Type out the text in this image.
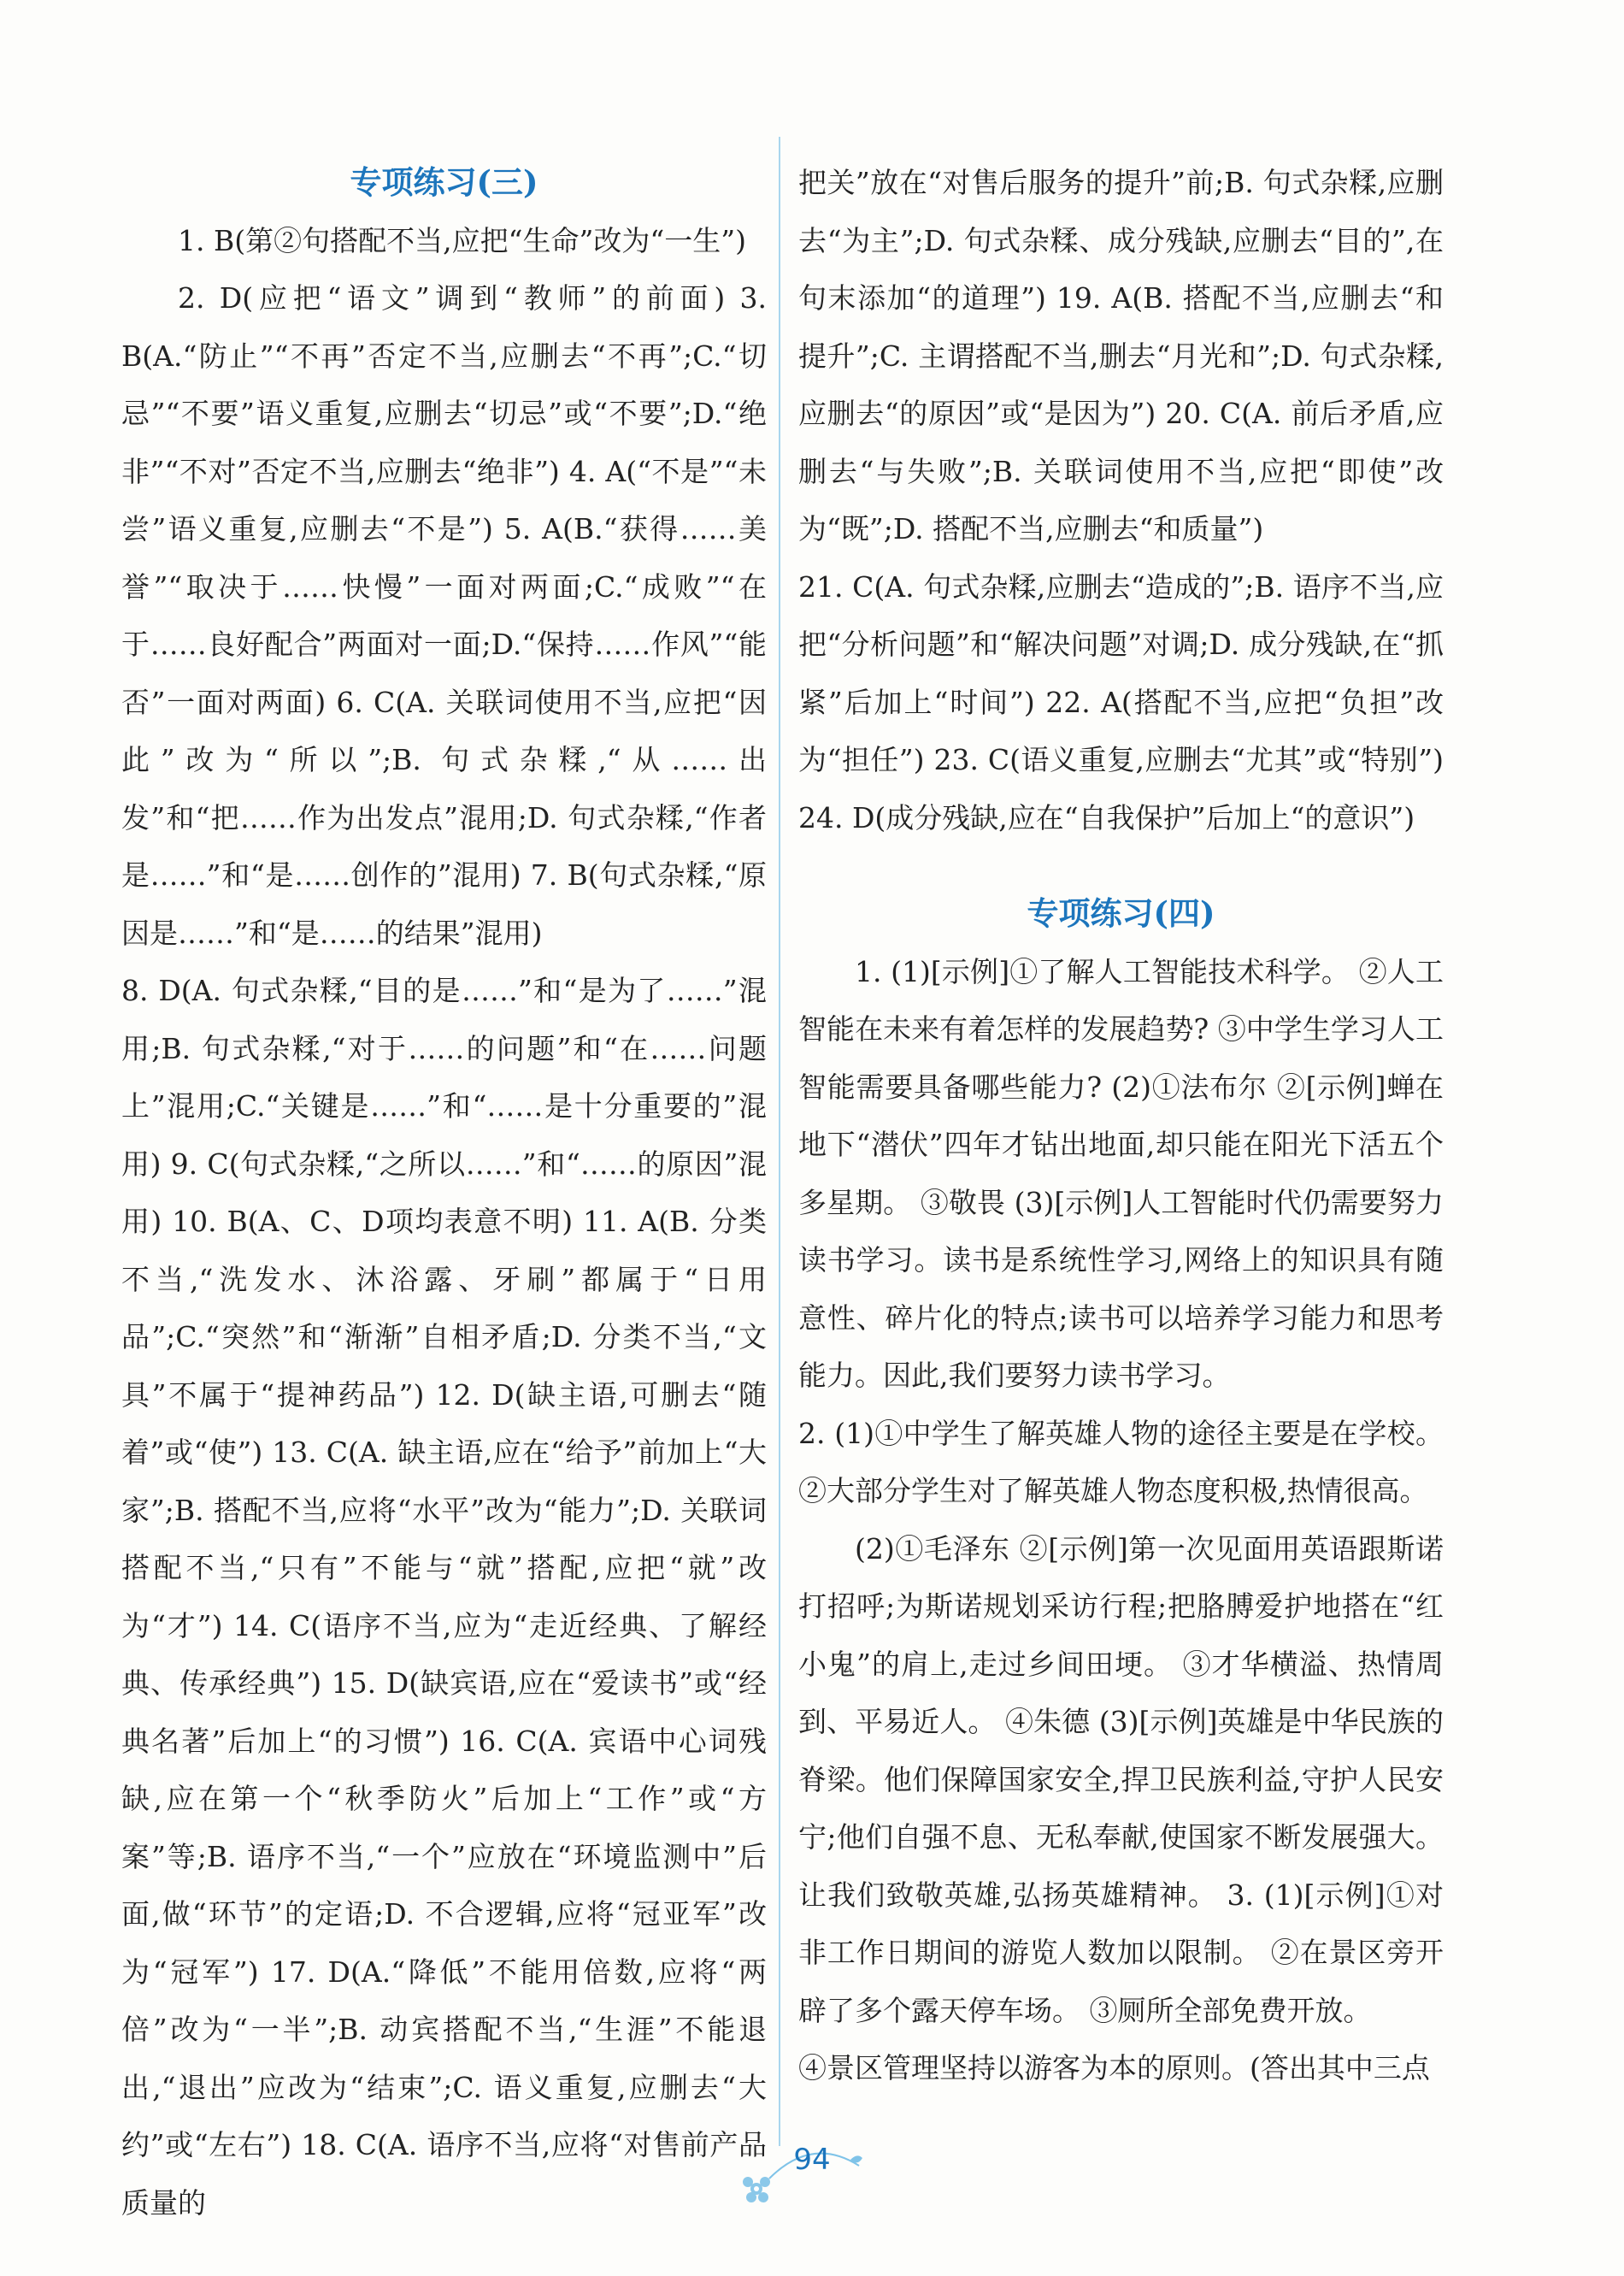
专项练习(三)

1. B(第②句搭配不当,应把“生命”改为“一生”)

2. D(应把“语文”调到“教师”的前面) 3. B(A.“防止”“不再”否定不当,应删去“不再”;C.“切忌”“不要”语义重复,应删去“切忌”或“不要”;D.“绝非”“不对”否定不当,应删去“绝非”) 4. A(“不是”“未尝”语义重复,应删去“不是”) 5. A(B.“获得……美誉”“取决于……快慢”一面对两面;C.“成败”“在于……良好配合”两面对一面;D.“保持……作风”“能否”一面对两面) 6. C(A. 关联词使用不当,应把“因此”改为“所以”;B. 句式杂糅,“从……出发”和“把……作为出发点”混用;D. 句式杂糅,“作者是……”和“是……创作的”混用) 7. B(句式杂糅,“原因是……”和“是……的结果”混用)

8. D(A. 句式杂糅,“目的是……”和“是为了……”混用;B. 句式杂糅,“对于……的问题”和“在……问题上”混用;C.“关键是……”和“……是十分重要的”混用) 9. C(句式杂糅,“之所以……”和“……的原因”混用) 10. B(A、C、D项均表意不明) 11. A(B. 分类不当,“洗发水、沐浴露、牙刷”都属于“日用品”;C.“突然”和“渐渐”自相矛盾;D. 分类不当,“文具”不属于“提神药品”) 12. D(缺主语,可删去“随着”或“使”) 13. C(A. 缺主语,应在“给予”前加上“大家”;B. 搭配不当,应将“水平”改为“能力”;D. 关联词搭配不当,“只有”不能与“就”搭配,应把“就”改为“才”) 14. C(语序不当,应为“走近经典、了解经典、传承经典”) 15. D(缺宾语,应在“爱读书”或“经典名著”后加上“的习惯”) 16. C(A. 宾语中心词残缺,应在第一个“秋季防火”后加上“工作”或“方案”等;B. 语序不当,“一个”应放在“环境监测中”后面,做“环节”的定语;D. 不合逻辑,应将“冠亚军”改为“冠军”) 17. D(A.“降低”不能用倍数,应将“两倍”改为“一半”;B. 动宾搭配不当,“生涯”不能退出,“退出”应改为“结束”;C. 语义重复,应删去“大约”或“左右”) 18. C(A. 语序不当,应将“对售前产品质量的

把关”放在“对售后服务的提升”前;B. 句式杂糅,应删去“为主”;D. 句式杂糅、成分残缺,应删去“目的”,在句末添加“的道理”) 19. A(B. 搭配不当,应删去“和提升”;C. 主谓搭配不当,删去“月光和”;D. 句式杂糅,应删去“的原因”或“是因为”) 20. C(A. 前后矛盾,应删去“与失败”;B. 关联词使用不当,应把“即使”改为“既”;D. 搭配不当,应删去“和质量”)

21. C(A. 句式杂糅,应删去“造成的”;B. 语序不当,应把“分析问题”和“解决问题”对调;D. 成分残缺,在“抓紧”后加上“时间”) 22. A(搭配不当,应把“负担”改为“担任”) 23. C(语义重复,应删去“尤其”或“特别”) 24. D(成分残缺,应在“自我保护”后加上“的意识”)

专项练习(四)

1. (1)[示例]①了解人工智能技术科学。 ②人工智能在未来有着怎样的发展趋势? ③中学生学习人工智能需要具备哪些能力? (2)①法布尔 ②[示例]蝉在地下“潜伏”四年才钻出地面,却只能在阳光下活五个多星期。 ③敬畏 (3)[示例]人工智能时代仍需要努力读书学习。读书是系统性学习,网络上的知识具有随意性、碎片化的特点;读书可以培养学习能力和思考能力。因此,我们要努力读书学习。

2. (1)①中学生了解英雄人物的途径主要是在学校。 ②大部分学生对了解英雄人物态度积极,热情很高。

(2)①毛泽东 ②[示例]第一次见面用英语跟斯诺打招呼;为斯诺规划采访行程;把胳膊爱护地搭在“红小鬼”的肩上,走过乡间田埂。 ③才华横溢、热情周到、平易近人。 ④朱德 (3)[示例]英雄是中华民族的脊梁。他们保障国家安全,捍卫民族利益,守护人民安宁;他们自强不息、无私奉献,使国家不断发展强大。让我们致敬英雄,弘扬英雄精神。 3. (1)[示例]①对非工作日期间的游览人数加以限制。 ②在景区旁开辟了多个露天停车场。 ③厕所全部免费开放。

④景区管理坚持以游客为本的原则。(答出其中三点

94
